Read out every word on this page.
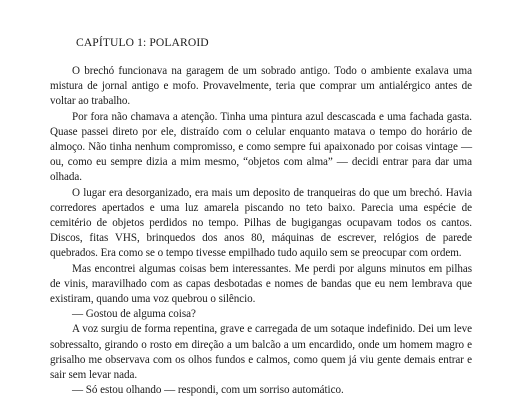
CAPÍTULO 1: POLAROID

O brechó funcionava na garagem de um sobrado antigo. Todo o ambiente exalava uma mistura de jornal antigo e mofo. Provavelmente, teria que comprar um antialérgico antes de voltar ao trabalho.

Por fora não chamava a atenção. Tinha uma pintura azul descascada e uma fachada gasta. Quase passei direto por ele, distraído com o celular enquanto matava o tempo do horário de almoço. Não tinha nenhum compromisso, e como sempre fui apaixonado por coisas vintage — ou, como eu sempre dizia a mim mesmo, “objetos com alma” — decidi entrar para dar uma olhada.

O lugar era desorganizado, era mais um deposito de tranqueiras do que um brechó. Havia corredores apertados e uma luz amarela piscando no teto baixo. Parecia uma espécie de cemitério de objetos perdidos no tempo. Pilhas de bugigangas ocupavam todos os cantos. Discos, fitas VHS, brinquedos dos anos 80, máquinas de escrever, relógios de parede quebrados. Era como se o tempo tivesse empilhado tudo aquilo sem se preocupar com ordem.

Mas encontrei algumas coisas bem interessantes. Me perdi por alguns minutos em pilhas de vinis, maravilhado com as capas desbotadas e nomes de bandas que eu nem lembrava que existiram, quando uma voz quebrou o silêncio.

— Gostou de alguma coisa?

A voz surgiu de forma repentina, grave e carregada de um sotaque indefinido. Dei um leve sobressalto, girando o rosto em direção a um balcão a um encardido, onde um homem magro e grisalho me observava com os olhos fundos e calmos, como quem já viu gente demais entrar e sair sem levar nada.

— Só estou olhando — respondi, com um sorriso automático.
